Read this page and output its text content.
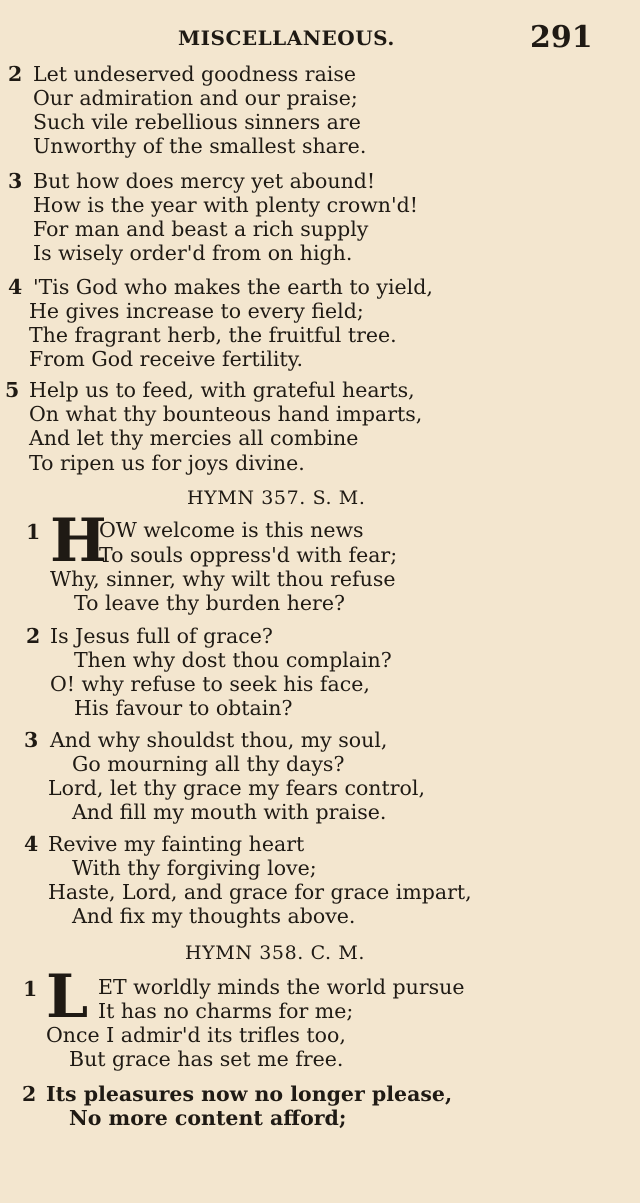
MISCELLANEOUS.	291
2 Let undeserved goodness raise
Our admiration and our praise;
Such vile rebellious sinners are
Unworthy of the smallest share.
3 But how does mercy yet abound!
How is the year with plenty crown'd!
For man and beast a rich supply
Is wisely order'd from on high.
4 'Tis God who makes the earth to yield,
He gives increase to every field;
The fragrant herb, the fruitful tree.
From God receive fertility.
5 Help us to feed, with grateful hearts,
On what thy bounteous hand imparts,
And let thy mercies all combine
To ripen us for joys divine.
HYMN 357. S. M.
1 H
OW welcome is this news
To souls oppress'd with fear;
Why, sinner, why wilt thou refuse
To leave thy burden here?
2 Is Jesus full of grace?
Then why dost thou complain?
O! why refuse to seek his face,
His favour to obtain?
3 And why shouldst thou, my soul,
Go mourning all thy days?
Lord, let thy grace my fears control,
And fill my mouth with praise.
4 Revive my fainting heart
With thy forgiving love;
Haste, Lord, and grace for grace impart,
And fix my thoughts above.
HYMN 358. C. M.
1 L ET worldly minds the world pursue
It has no charms for me;
Once I admir'd its trifles too,
But grace has set me free.
2 Its pleasures now no longer please,
No more content afford;
